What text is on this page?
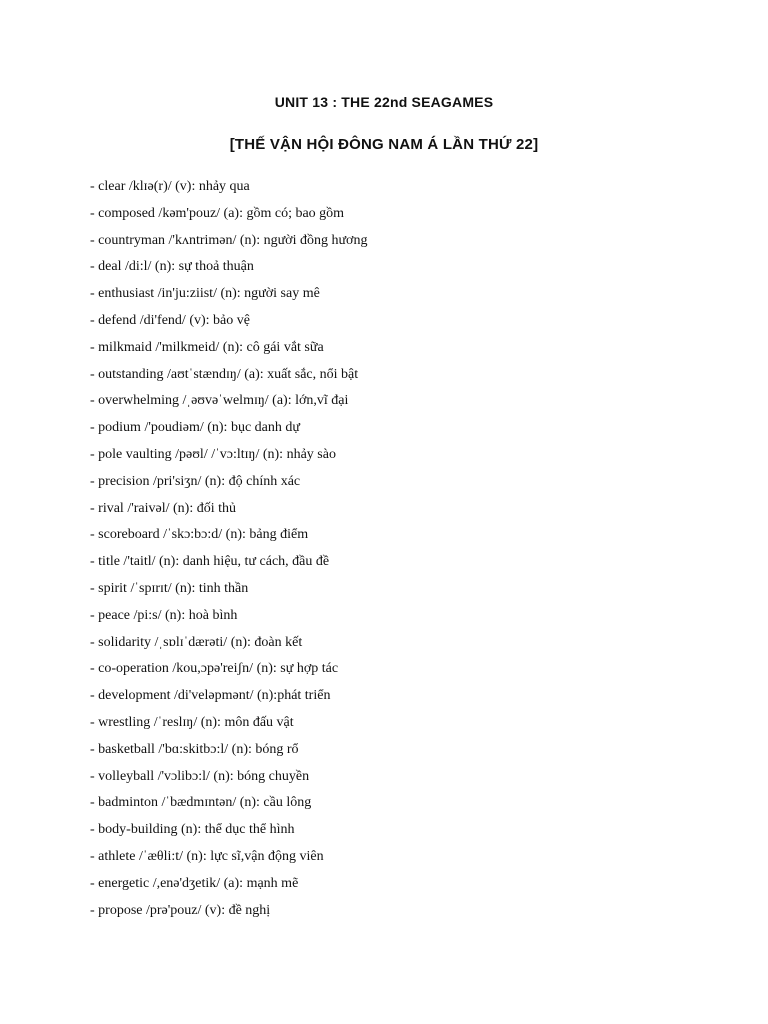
UNIT 13 : THE 22nd SEAGAMES
[THẾ VẬN HỘI ĐÔNG NAM Á LẦN THỨ 22]
- clear /klɪə(r)/ (v): nhảy qua
- composed /kəm'pouz/ (a): gồm có; bao gồm
- countryman /'kʌntrimən/ (n): người đồng hương
- deal /di:l/ (n): sự thoả thuận
- enthusiast /in'ju:ziist/ (n): người say mê
- defend /di'fend/ (v): bảo vệ
- milkmaid /'milkmeid/ (n): cô gái vắt sữa
- outstanding /aʊtˈstændɪŋ/ (a): xuất sắc, nổi bật
- overwhelming /ˌəʊvəˈwelmɪŋ/ (a): lớn,vĩ đại
- podium /'poudiəm/ (n): bục danh dự
- pole vaulting /pəʊl/ /ˈvɔ:ltɪŋ/ (n): nhảy sào
- precision /pri'siʒn/ (n): độ chính xác
- rival /'raivəl/ (n): đối thủ
- scoreboard /ˈskɔ:bɔ:d/ (n): bảng điểm
- title /'taitl/ (n): danh hiệu, tư cách, đầu đề
- spirit /ˈspɪrɪt/ (n): tinh thần
- peace /pi:s/ (n): hoà bình
- solidarity /ˌsɒlɪˈdærəti/ (n): đoàn kết
- co-operation /kou,ɔpə'reiʃn/ (n): sự hợp tác
- development /di'veləpmənt/ (n):phát triển
- wrestling /ˈreslɪŋ/ (n): môn đấu vật
- basketball /'bɑ:skitbɔ:l/ (n): bóng rổ
- volleyball /'vɔlibɔ:l/ (n): bóng chuyền
- badminton /ˈbædmɪntən/ (n): cầu lông
- body-building (n): thể dục thể hình
- athlete /ˈæθli:t/ (n): lực sĩ,vận động viên
- energetic /,enə'dʒetik/ (a): mạnh mẽ
- propose /prə'pouz/ (v): đề nghị
